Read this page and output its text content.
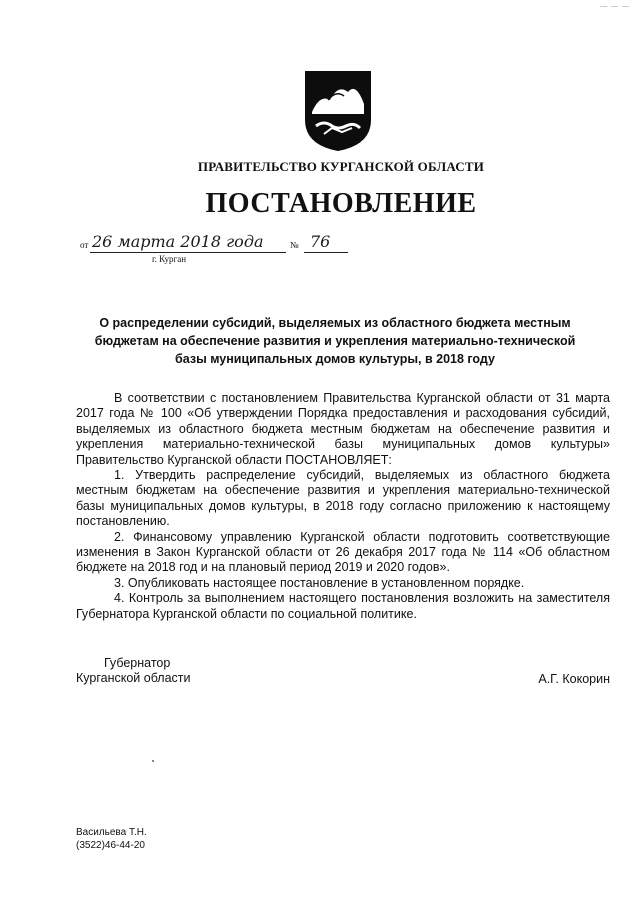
— — —
ПРАВИТЕЛЬСТВО КУРГАНСКОЙ ОБЛАСТИ
ПОСТАНОВЛЕНИЕ
от 26 марта 2018 года	№ 76
г. Курган
О распределении субсидий, выделяемых из областного бюджета местным бюджетам на обеспечение развития и укрепления материально-технической базы муниципальных домов культуры, в 2018 году

В соответствии с постановлением Правительства Курганской области от 31 марта 2017 года № 100 «Об утверждении Порядка предоставления и расходования субсидий, выделяемых из областного бюджета местным бюджетам на обеспечение развития и укрепления материально-технической базы муниципальных домов культуры» Правительство Курганской области ПОСТАНОВЛЯЕТ:

1. Утвердить распределение субсидий, выделяемых из областного бюджета местным бюджетам на обеспечение развития и укрепления материально-технической базы муниципальных домов культуры, в 2018 году согласно приложению к настоящему постановлению.

2. Финансовому управлению Курганской области подготовить соответствующие изменения в Закон Курганской области от 26 декабря 2017 года № 114 «Об областном бюджете на 2018 год и на плановый период 2019 и 2020 годов».

3. Опубликовать настоящее постановление в установленном порядке.

4. Контроль за выполнением настоящего постановления возложить на заместителя Губернатора Курганской области по социальной политике.

Губернатор
Курганской области	А.Г. Кокорин
Васильева Т.Н.
(3522)46-44-20
